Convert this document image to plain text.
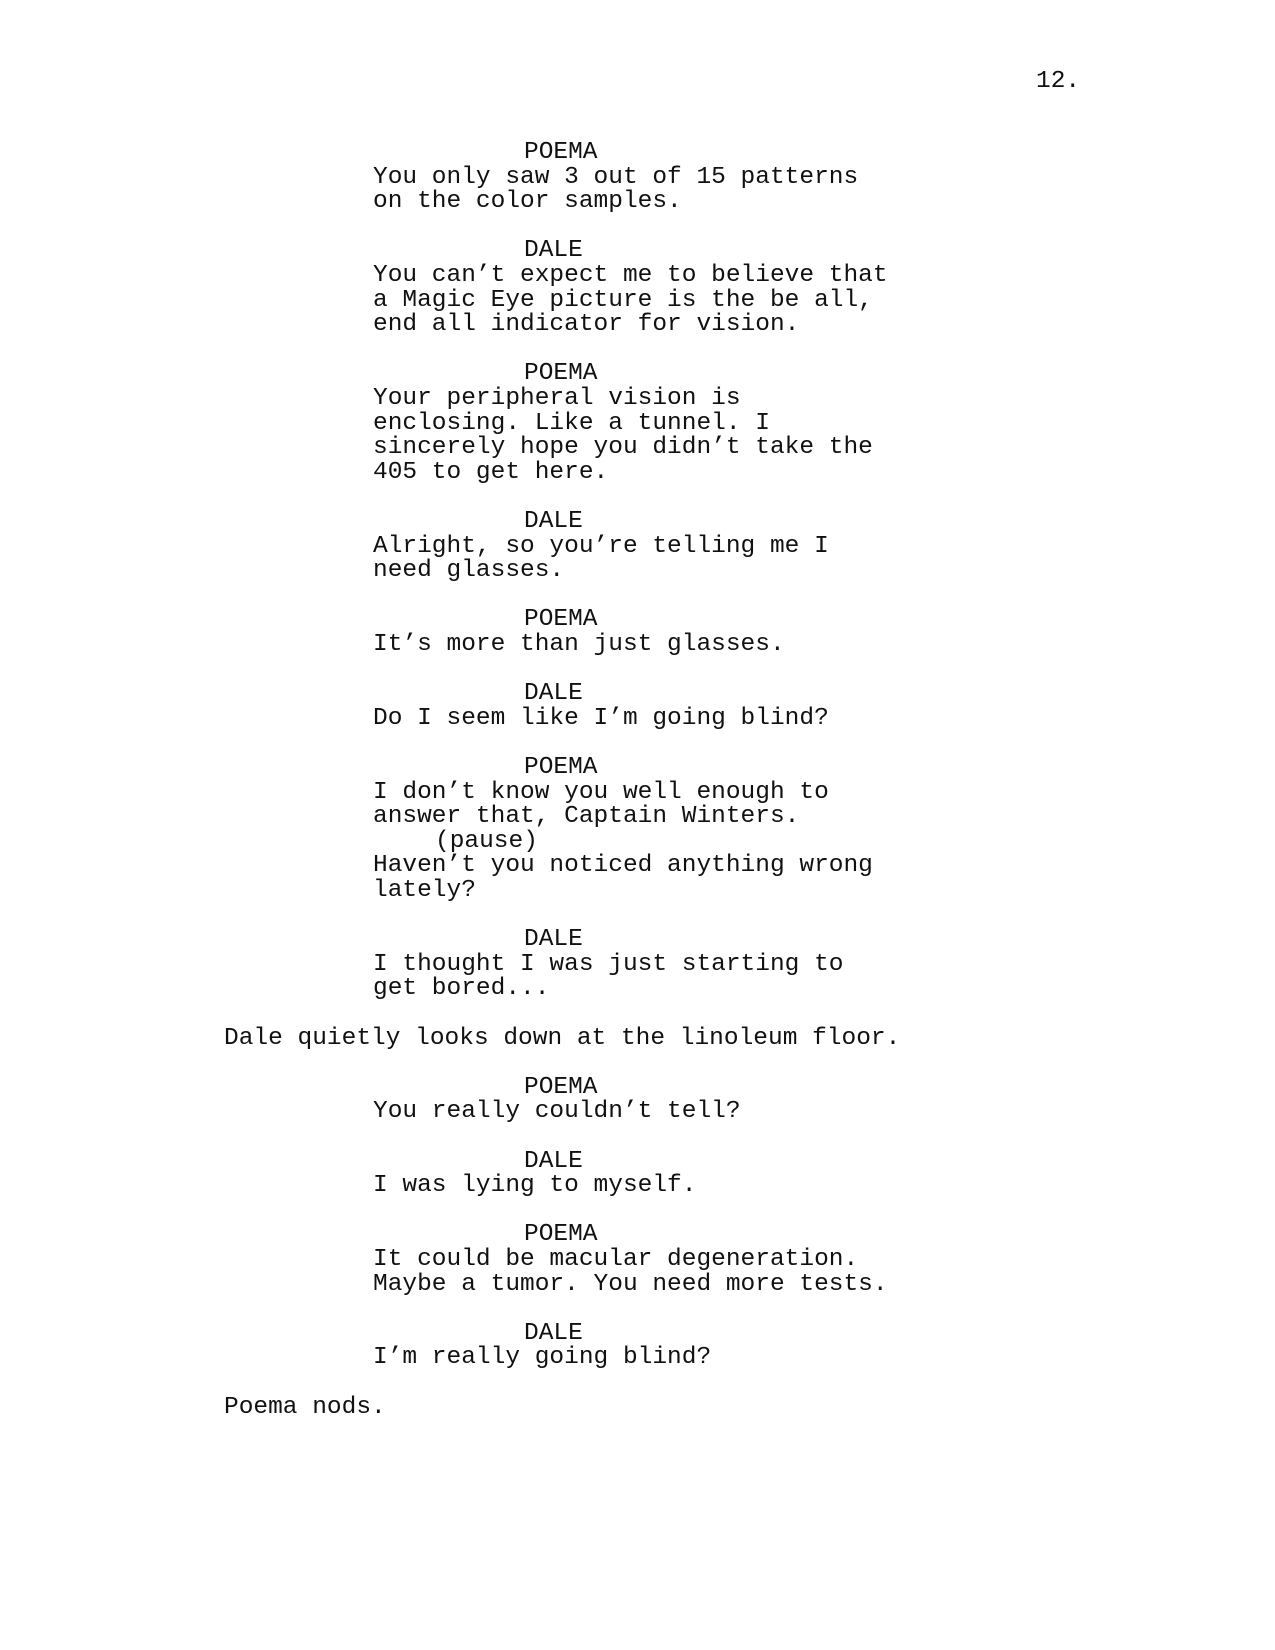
12.
POEMA
You only saw 3 out of 15 patterns
on the color samples.
DALE
You can’t expect me to believe that
a Magic Eye picture is the be all,
end all indicator for vision.
POEMA
Your peripheral vision is
enclosing. Like a tunnel. I
sincerely hope you didn’t take the
405 to get here.
DALE
Alright, so you’re telling me I
need glasses.
POEMA
It’s more than just glasses.
DALE
Do I seem like I’m going blind?
POEMA
I don’t know you well enough to
answer that, Captain Winters.
(pause)
Haven’t you noticed anything wrong
lately?
DALE
I thought I was just starting to
get bored...
Dale quietly looks down at the linoleum floor.
POEMA
You really couldn’t tell?
DALE
I was lying to myself.
POEMA
It could be macular degeneration.
Maybe a tumor. You need more tests.
DALE
I’m really going blind?
Poema nods.
